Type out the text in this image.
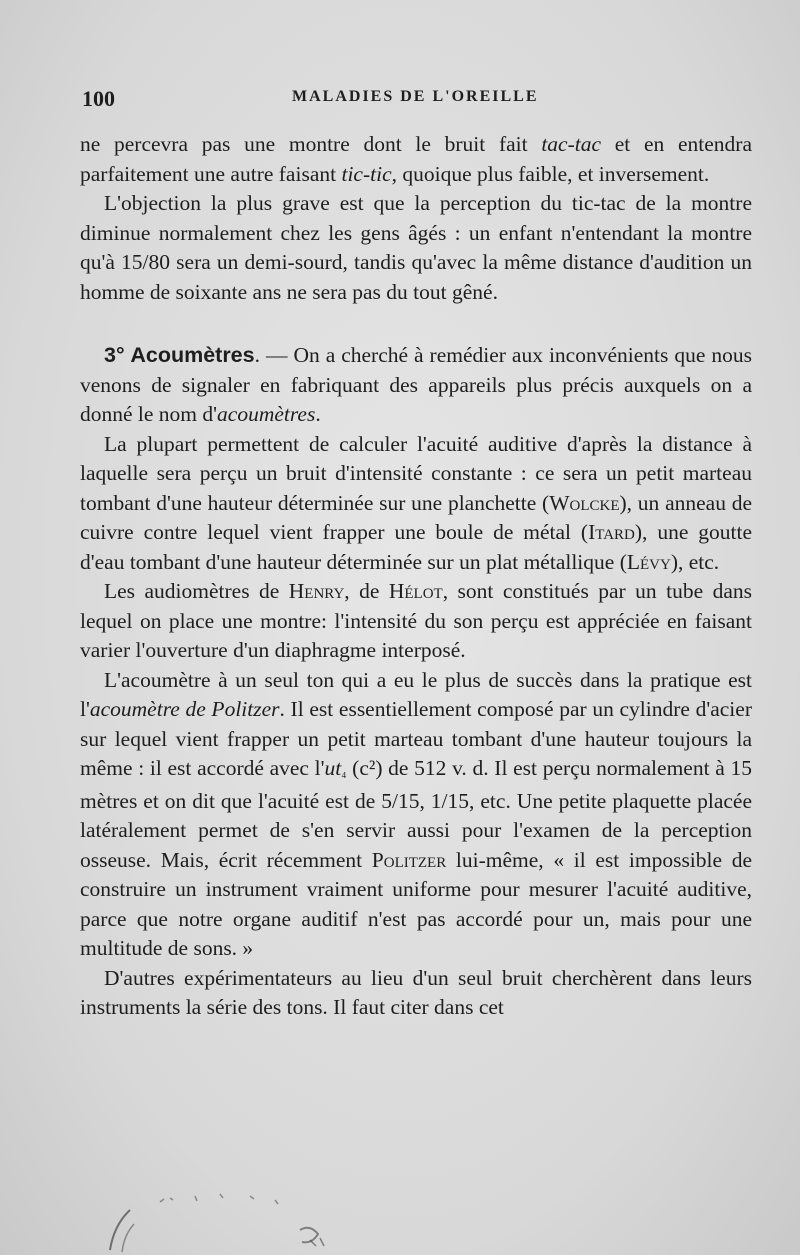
100	MALADIES DE L'OREILLE

ne percevra pas une montre dont le bruit fait tac-tac et en entendra parfaitement une autre faisant tic-tic, quoique plus faible, et inversement.

L'objection la plus grave est que la perception du tic-tac de la montre diminue normalement chez les gens âgés : un enfant n'entendant la montre qu'à 15/80 sera un demi-sourd, tandis qu'avec la même distance d'audition un homme de soixante ans ne sera pas du tout gêné.

3° Acoumètres. — On a cherché à remédier aux inconvénients que nous venons de signaler en fabriquant des appareils plus précis auxquels on a donné le nom d'acoumètres.

La plupart permettent de calculer l'acuité auditive d'après la distance à laquelle sera perçu un bruit d'intensité constante : ce sera un petit marteau tombant d'une hauteur déterminée sur une planchette (Wolcke), un anneau de cuivre contre lequel vient frapper une boule de métal (Itard), une goutte d'eau tombant d'une hauteur déterminée sur un plat métallique (Lévy), etc.

Les audiomètres de Henry, de Hélot, sont constitués par un tube dans lequel on place une montre: l'intensité du son perçu est appréciée en faisant varier l'ouverture d'un diaphragme interposé.

L'acoumètre à un seul ton qui a eu le plus de succès dans la pratique est l'acoumètre de Politzer. Il est essentiellement composé par un cylindre d'acier sur lequel vient frapper un petit marteau tombant d'une hauteur toujours la même : il est accordé avec l'ut₄ (c²) de 512 v. d. Il est perçu normalement à 15 mètres et on dit que l'acuité est de 5/15, 1/15, etc. Une petite plaquette placée latéralement permet de s'en servir aussi pour l'examen de la perception osseuse. Mais, écrit récemment Politzer lui-même, « il est impossible de construire un instrument vraiment uniforme pour mesurer l'acuité auditive, parce que notre organe auditif n'est pas accordé pour un, mais pour une multitude de sons. »

D'autres expérimentateurs au lieu d'un seul bruit cherchèrent dans leurs instruments la série des tons. Il faut citer dans cet
